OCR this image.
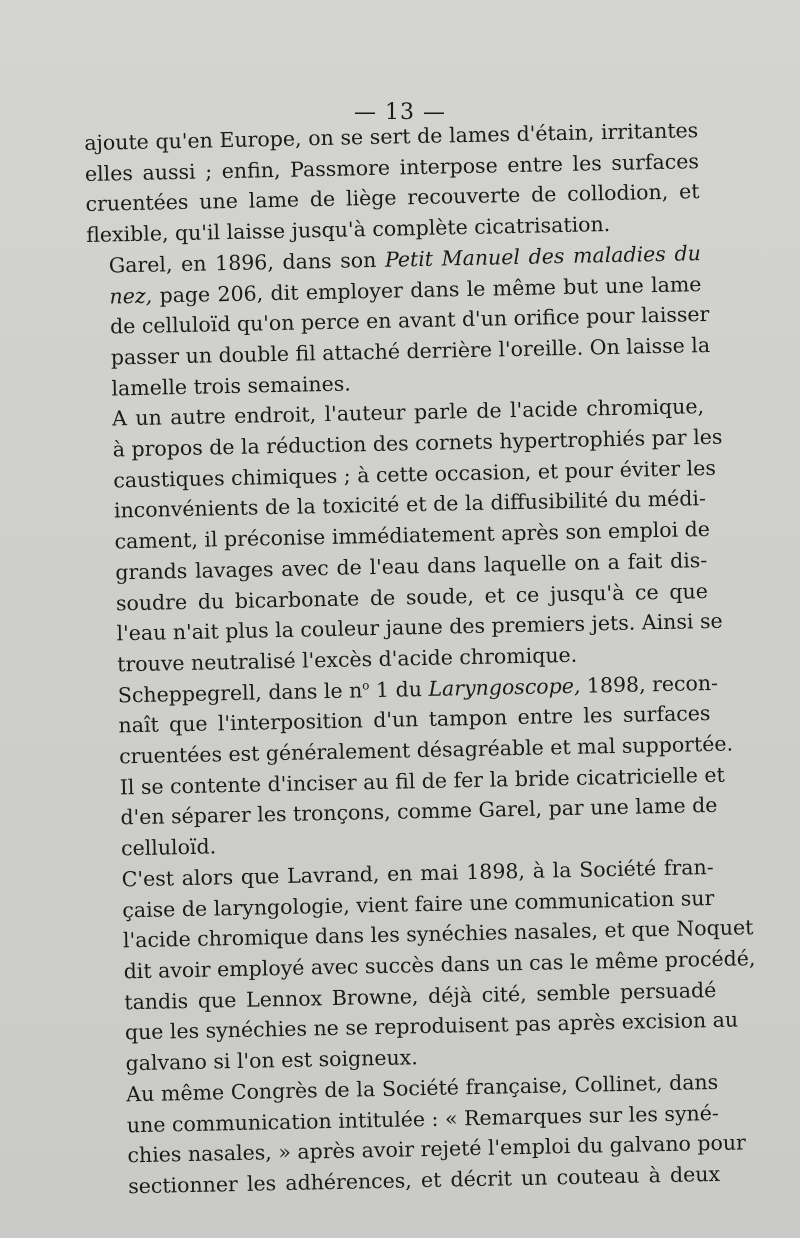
— 13 —

ajoute qu'en Europe, on se sert de lames d'étain, irritantes
elles aussi ; enfin, Passmore interpose entre les surfaces
cruentées une lame de liège recouverte de collodion, et
flexible, qu'il laisse jusqu'à complète cicatrisation.

Garel, en 1896, dans son Petit Manuel des maladies du
nez, page 206, dit employer dans le même but une lame
de celluloïd qu'on perce en avant d'un orifice pour laisser
passer un double fil attaché derrière l'oreille. On laisse la
lamelle trois semaines.

A un autre endroit, l'auteur parle de l'acide chromique,
à propos de la réduction des cornets hypertrophiés par les
caustiques chimiques ; à cette occasion, et pour éviter les
inconvénients de la toxicité et de la diffusibilité du médi-
cament, il préconise immédiatement après son emploi de
grands lavages avec de l'eau dans laquelle on a fait dis-
soudre du bicarbonate de soude, et ce jusqu'à ce que
l'eau n'ait plus la couleur jaune des premiers jets. Ainsi se
trouve neutralisé l'excès d'acide chromique.

Scheppegrell, dans le $n^o$ 1 du Laryngoscope, 1898, recon-
naît que l'interposition d'un tampon entre les surfaces
cruentées est généralement désagréable et mal supportée.
Il se contente d'inciser au fil de fer la bride cicatricielle et
d'en séparer les tronçons, comme Garel, par une lame de
celluloïd.

C'est alors que Lavrand, en mai 1898, à la Société fran-
çaise de laryngologie, vient faire une communication sur
l'acide chromique dans les synéchies nasales, et que Noquet
dit avoir employé avec succès dans un cas le même procédé,
tandis que Lennox Browne, déjà cité, semble persuadé
que les synéchies ne se reproduisent pas après excision au
galvano si l'on est soigneux.

Au même Congrès de la Société française, Collinet, dans
une communication intitulée : « Remarques sur les syné-
chies nasales, » après avoir rejeté l'emploi du galvano pour
sectionner les adhérences, et décrit un couteau à deux
